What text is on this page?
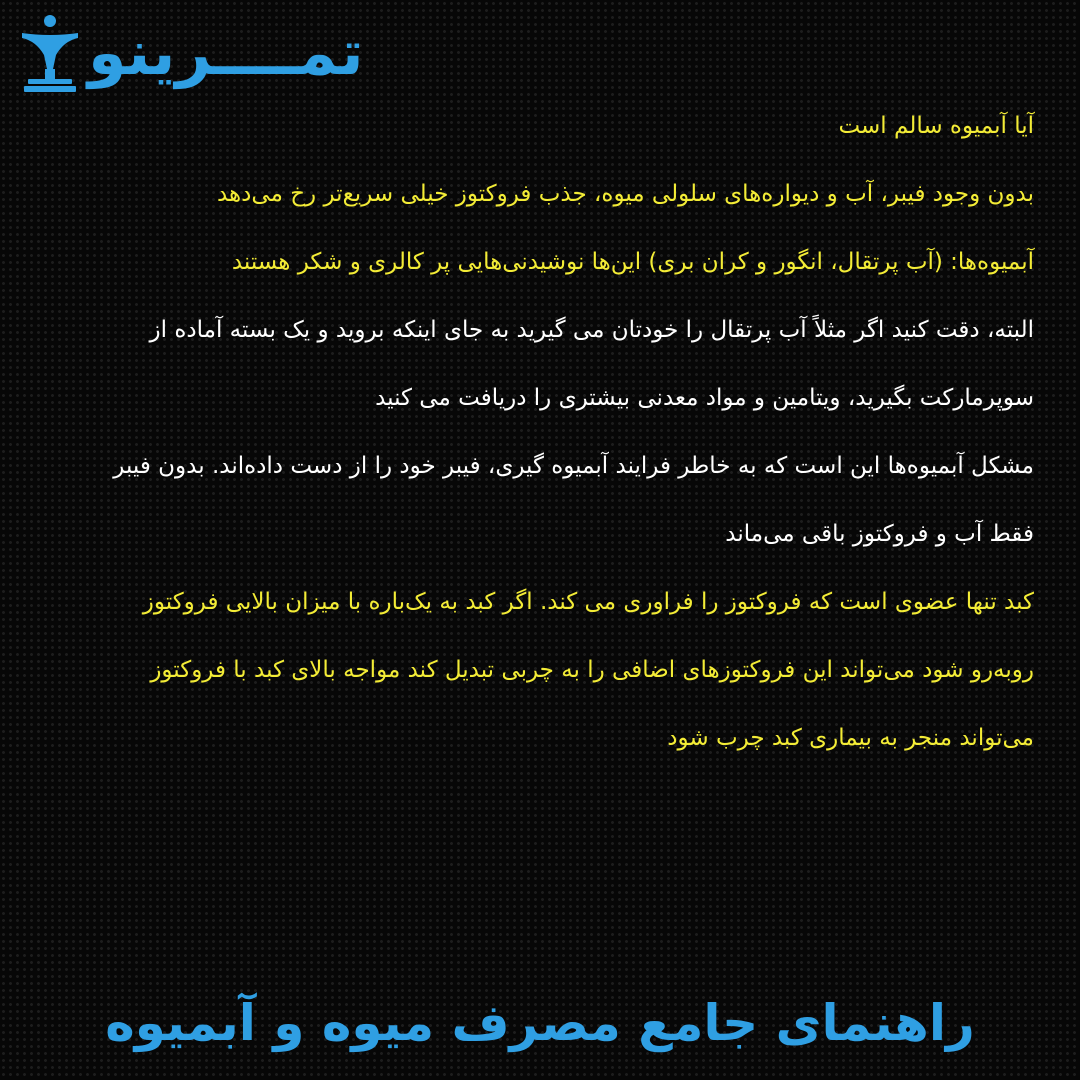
تمــــرینو

آیا آبمیوه سالم است

بدون وجود فیبر، آب و دیواره‌های سلولی میوه، جذب فروکتوز خیلی سریع‌تر رخ می‌دهد

آبمیوه‌ها: (آب پرتقال، انگور و کران بری) این‌ها نوشیدنی‌هایی پر کالری و شکر هستند

البته، دقت کنید اگر مثلاً آب پرتقال را خودتان می گیرید به جای اینکه بروید و یک بسته آماده از سوپرمارکت بگیرید، ویتامین و مواد معدنی بیشتری را دریافت می کنید

مشکل آبمیوه‌ها این است که به خاطر فرایند آبمیوه گیری، فیبر خود را از دست داده‌اند. بدون فیبر فقط آب و فروکتوز باقی می‌ماند

کبد تنها عضوی است که فروکتوز را فراوری می کند. اگر کبد به یک‌باره با میزان بالایی فروکتوز روبه‌رو شود می‌تواند این فروکتوزهای اضافی را به چربی تبدیل کند مواجه بالای کبد با فروکتوز می‌تواند منجر به بیماری کبد چرب شود

راهنمای جامع مصرف میوه و آبمیوه
